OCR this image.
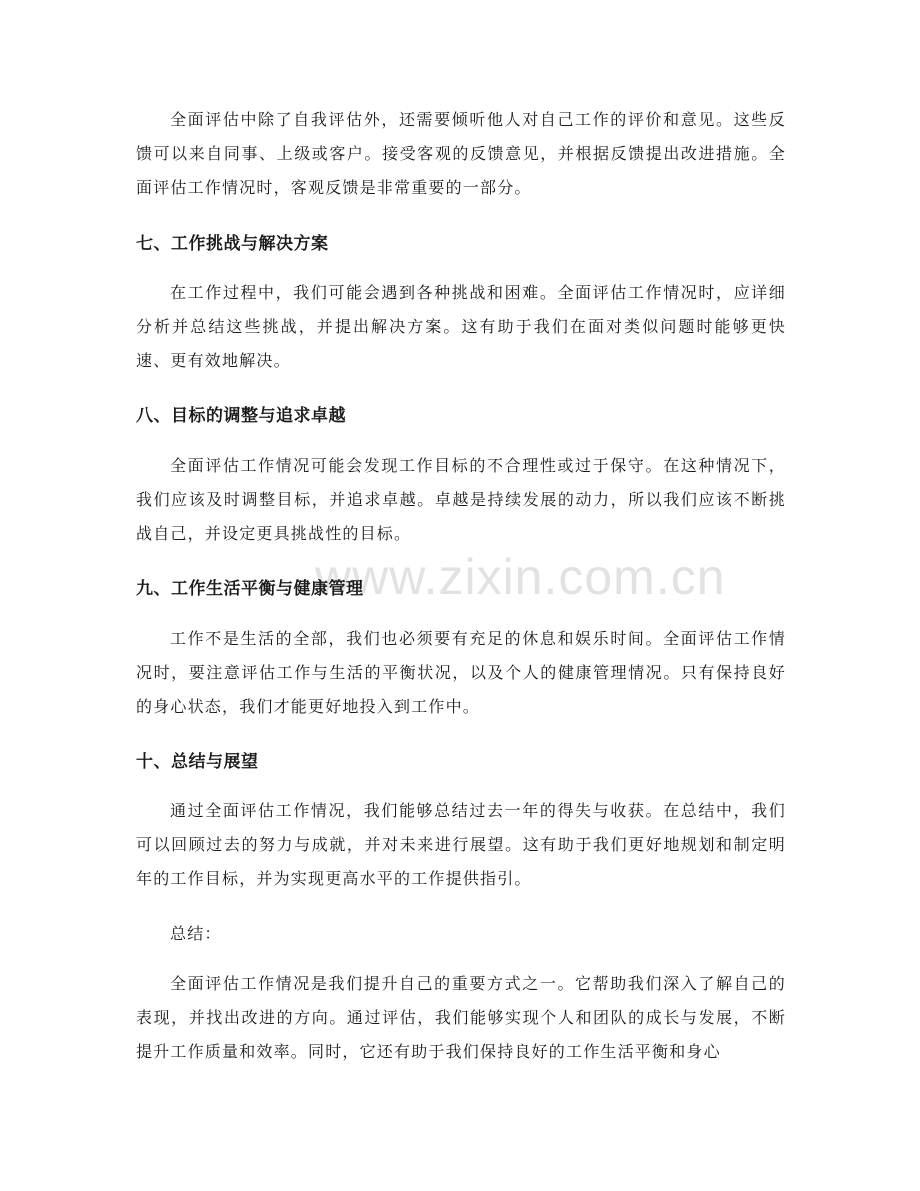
www.zixin.com.cn

全面评估中除了自我评估外，还需要倾听他人对自己工作的评价和意见。这些反馈可以来自同事、上级或客户。接受客观的反馈意见，并根据反馈提出改进措施。全面评估工作情况时，客观反馈是非常重要的一部分。

七、工作挑战与解决方案

在工作过程中，我们可能会遇到各种挑战和困难。全面评估工作情况时，应详细分析并总结这些挑战，并提出解决方案。这有助于我们在面对类似问题时能够更快速、更有效地解决。

八、目标的调整与追求卓越

全面评估工作情况可能会发现工作目标的不合理性或过于保守。在这种情况下，我们应该及时调整目标，并追求卓越。卓越是持续发展的动力，所以我们应该不断挑战自己，并设定更具挑战性的目标。

九、工作生活平衡与健康管理

工作不是生活的全部，我们也必须要有充足的休息和娱乐时间。全面评估工作情况时，要注意评估工作与生活的平衡状况，以及个人的健康管理情况。只有保持良好的身心状态，我们才能更好地投入到工作中。

十、总结与展望

通过全面评估工作情况，我们能够总结过去一年的得失与收获。在总结中，我们可以回顾过去的努力与成就，并对未来进行展望。这有助于我们更好地规划和制定明年的工作目标，并为实现更高水平的工作提供指引。

总结：

全面评估工作情况是我们提升自己的重要方式之一。它帮助我们深入了解自己的表现，并找出改进的方向。通过评估，我们能够实现个人和团队的成长与发展，不断提升工作质量和效率。同时，它还有助于我们保持良好的工作生活平衡和身心
